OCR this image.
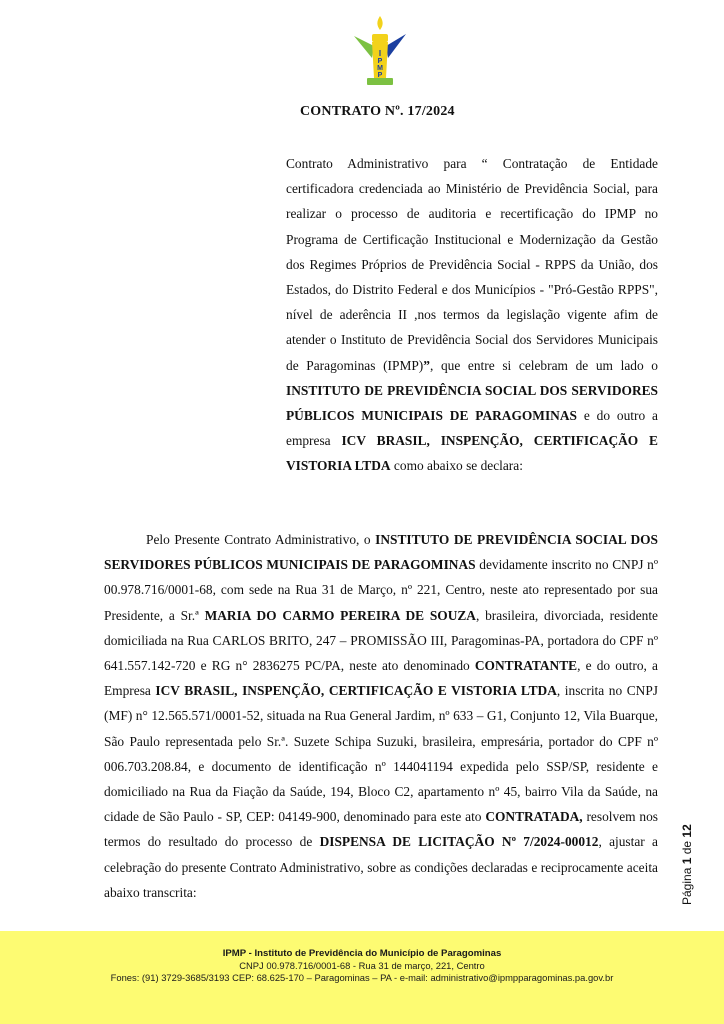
I
P
M
P
CONTRATO Nº. 17/2024
Contrato Administrativo para “ Contratação de Entidade certificadora credenciada ao Ministério de Previdência Social, para realizar o processo de auditoria e recertificação do IPMP no Programa de Certificação Institucional e Modernização da Gestão dos Regimes Próprios de Previdência Social - RPPS da União, dos Estados, do Distrito Federal e dos Municípios - "Pró-Gestão RPPS", nível de aderência II ,nos termos da legislação vigente afim de atender o Instituto de Previdência Social dos Servidores Municipais de Paragominas (IPMP)”, que entre si celebram de um lado o INSTITUTO DE PREVIDÊNCIA SOCIAL DOS SERVIDORES PÚBLICOS MUNICIPAIS DE PARAGOMINAS e do outro a empresa ICV BRASIL, INSPENÇÃO, CERTIFICAÇÃO E VISTORIA LTDA como abaixo se declara:
Pelo Presente Contrato Administrativo, o INSTITUTO DE PREVIDÊNCIA SOCIAL DOS SERVIDORES PÚBLICOS MUNICIPAIS DE PARAGOMINAS devidamente inscrito no CNPJ nº 00.978.716/0001-68, com sede na Rua 31 de Março, nº 221, Centro, neste ato representado por sua Presidente, a Sr.ª MARIA DO CARMO PEREIRA DE SOUZA, brasileira, divorciada, residente domiciliada na Rua CARLOS BRITO, 247 – PROMISSÃO III, Paragominas-PA, portadora do CPF nº 641.557.142-720 e RG n° 2836275 PC/PA, neste ato denominado CONTRATANTE, e do outro, a Empresa ICV BRASIL, INSPENÇÃO, CERTIFICAÇÃO E VISTORIA LTDA, inscrita no CNPJ (MF) n° 12.565.571/0001-52, situada na Rua General Jardim, nº 633 – G1, Conjunto 12, Vila Buarque, São Paulo representada pelo Sr.ª. Suzete Schipa Suzuki, brasileira, empresária, portador do CPF nº 006.703.208.84, e documento de identificação nº 144041194 expedida pelo SSP/SP, residente e domiciliado na Rua da Fiação da Saúde, 194, Bloco C2, apartamento nº 45, bairro Vila da Saúde, na cidade de São Paulo - SP, CEP: 04149-900, denominado para este ato CONTRATADA, resolvem nos termos do resultado do processo de DISPENSA DE LICITAÇÃO Nº 7/2024-00012, ajustar a celebração do presente Contrato Administrativo, sobre as condições declaradas e reciprocamente aceita abaixo transcrita:	Página 1 de 12
IPMP - Instituto de Previdência do Município de Paragominas
CNPJ 00.978.716/0001-68 - Rua 31 de março, 221, Centro
Fones: (91) 3729-3685/3193 CEP: 68.625-170 – Paragominas – PA - e-mail: administrativo@ipmpparagominas.pa.gov.br
